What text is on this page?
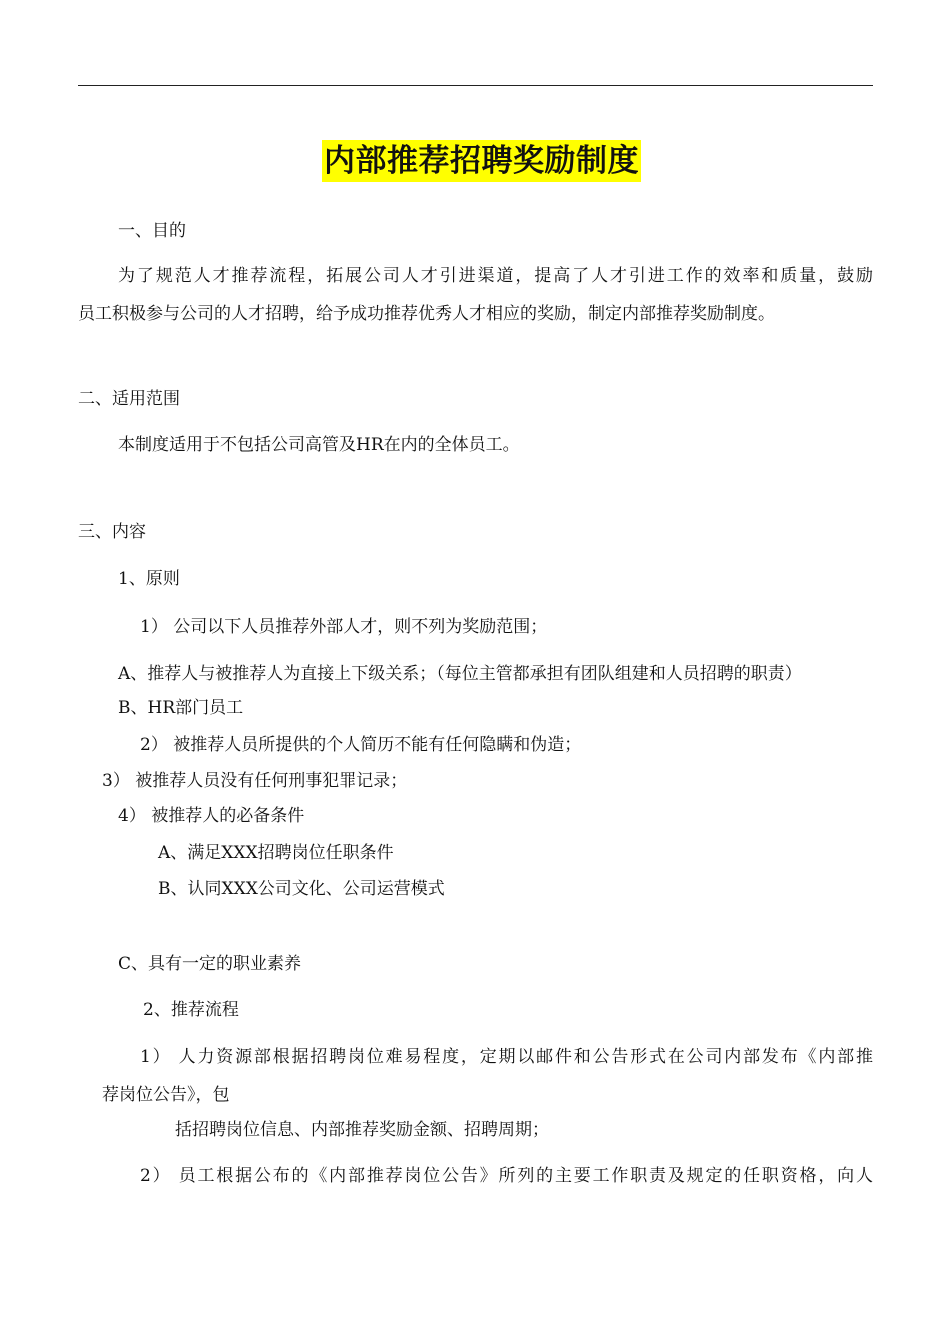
内部推荐招聘奖励制度
一、目的
为了规范人才推荐流程，拓展公司人才引进渠道，提高了人才引进工作的效率和质量，鼓励
员工积极参与公司的人才招聘，给予成功推荐优秀人才相应的奖励，制定内部推荐奖励制度。
二、适用范围
本制度适用于不包括公司高管及HR在内的全体员工。
三、内容
1、原则
1） 公司以下人员推荐外部人才，则不列为奖励范围；
A、推荐人与被推荐人为直接上下级关系；（每位主管都承担有团队组建和人员招聘的职责）
B、HR部门员工
2） 被推荐人员所提供的个人简历不能有任何隐瞒和伪造；
3） 被推荐人员没有任何刑事犯罪记录；
4） 被推荐人的必备条件
A、满足XXX招聘岗位任职条件
B、认同XXX公司文化、公司运营模式
C、具有一定的职业素养
2、推荐流程
1） 人力资源部根据招聘岗位难易程度，定期以邮件和公告形式在公司内部发布《内部推
荐岗位公告》，包
括招聘岗位信息、内部推荐奖励金额、招聘周期；
2） 员工根据公布的《内部推荐岗位公告》所列的主要工作职责及规定的任职资格，向人
